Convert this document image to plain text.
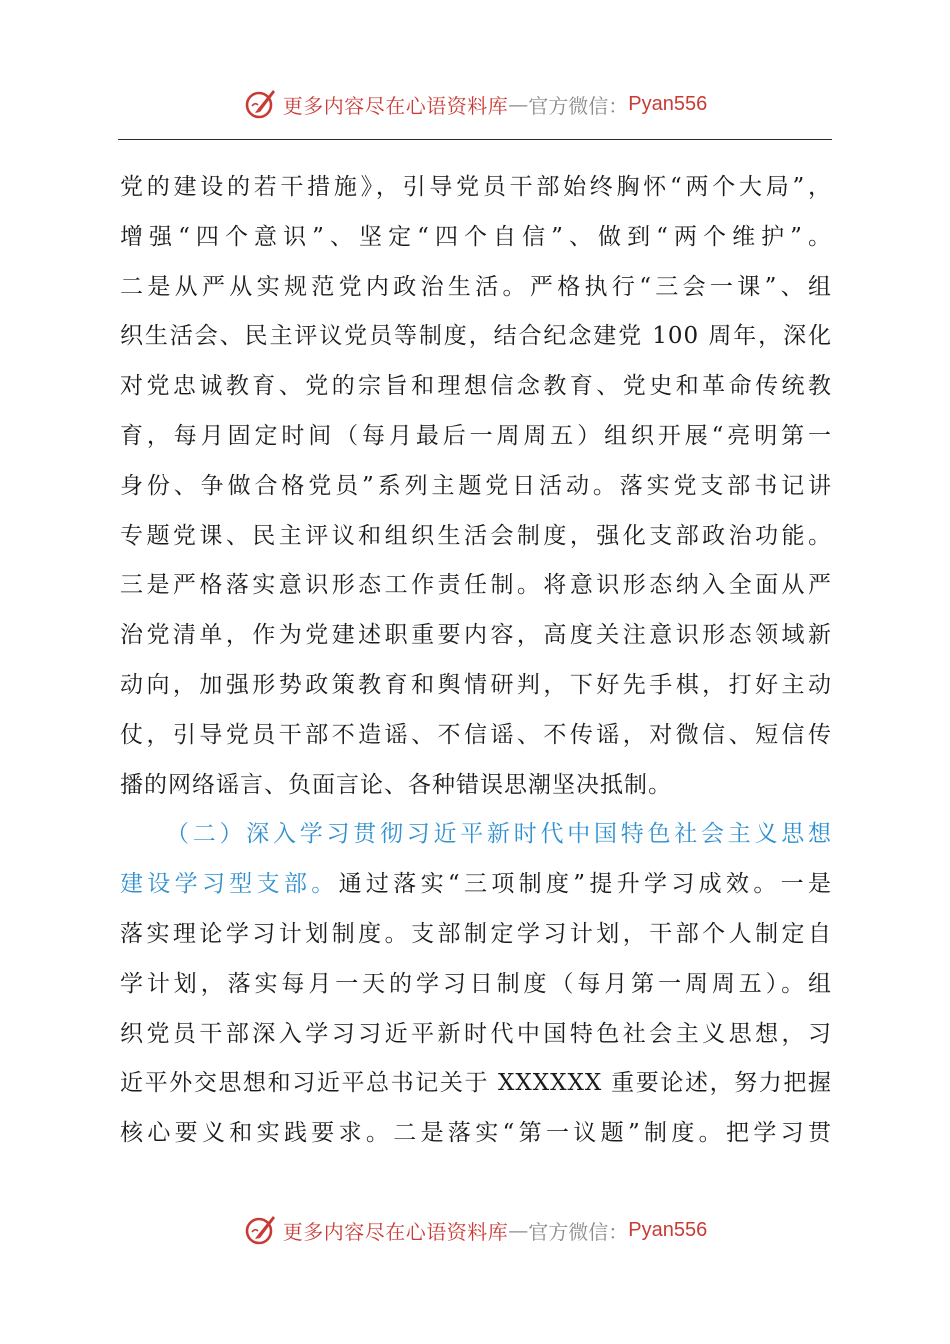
更多内容尽在心语资料库 — 官方微信： Pyan556
党的建设的若干措施》，引导党员干部始终胸怀“两个大局”，
增强“四个意识”、坚定“四个自信”、做到“两个维护”。
二是从严从实规范党内政治生活。严格执行“三会一课”、组
织生活会、民主评议党员等制度，结合纪念建党 100 周年，深化
对党忠诚教育、党的宗旨和理想信念教育、党史和革命传统教
育，每月固定时间（每月最后一周周五）组织开展“亮明第一
身份、争做合格党员”系列主题党日活动。落实党支部书记讲
专题党课、民主评议和组织生活会制度，强化支部政治功能。
三是严格落实意识形态工作责任制。将意识形态纳入全面从严
治党清单，作为党建述职重要内容，高度关注意识形态领域新
动向，加强形势政策教育和舆情研判，下好先手棋，打好主动
仗，引导党员干部不造谣、不信谣、不传谣，对微信、短信传
播的网络谣言、负面言论、各种错误思潮坚决抵制。
（二）深入学习贯彻习近平新时代中国特色社会主义思想
建设学习型支部。通过落实“三项制度”提升学习成效。一是
落实理论学习计划制度。支部制定学习计划，干部个人制定自
学计划，落实每月一天的学习日制度（每月第一周周五）。组
织党员干部深入学习习近平新时代中国特色社会主义思想，习
近平外交思想和习近平总书记关于 XXXXXX 重要论述，努力把握
核心要义和实践要求。二是落实“第一议题”制度。把学习贯
更多内容尽在心语资料库 — 官方微信： Pyan556
